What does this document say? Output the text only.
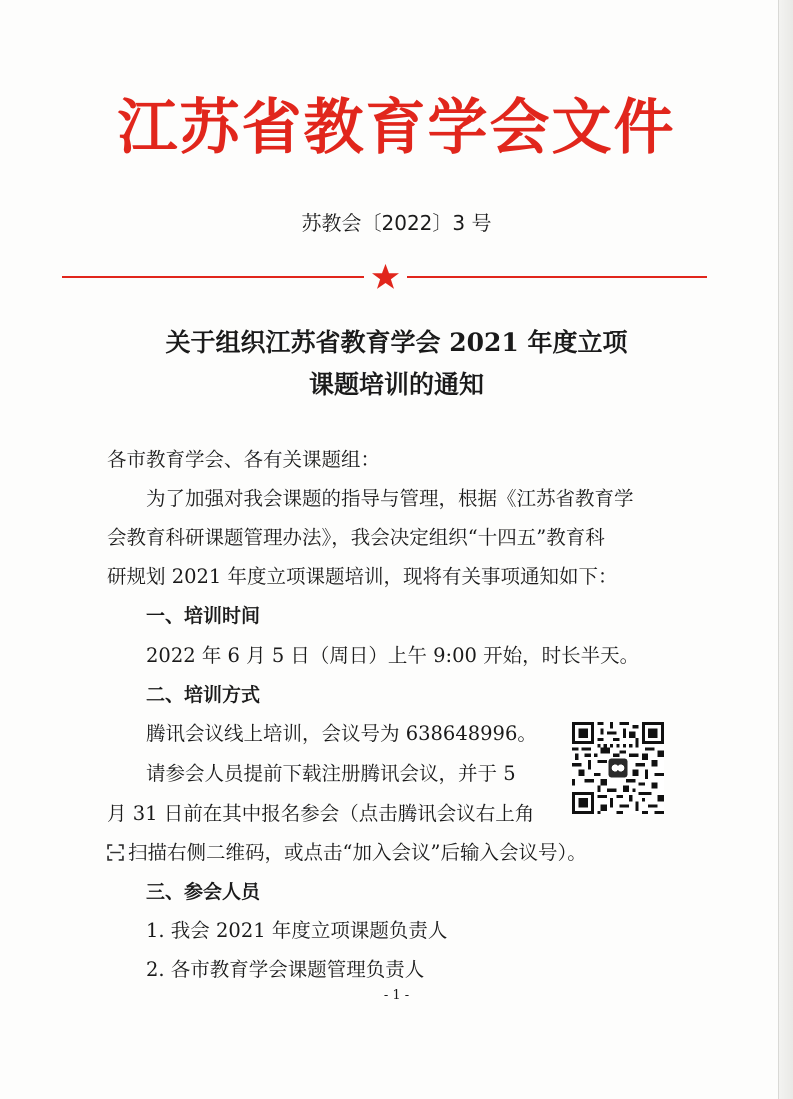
江苏省教育学会文件
苏教会〔2022〕3 号
关于组织江苏省教育学会 2021 年度立项
课题培训的通知
各市教育学会、各有关课题组：
为了加强对我会课题的指导与管理，根据《江苏省教育学
会教育科研课题管理办法》，我会决定组织“十四五”教育科
研规划 2021 年度立项课题培训，现将有关事项通知如下：
一、培训时间
2022 年 6 月 5 日（周日）上午 9:00 开始，时长半天。
二、培训方式
腾讯会议线上培训，会议号为 638648996。
请参会人员提前下载注册腾讯会议，并于 5
月 31 日前在其中报名参会（点击腾讯会议右上角
扫描右侧二维码，或点击“加入会议”后输入会议号）。
三、参会人员
1. 我会 2021 年度立项课题负责人
2. 各市教育学会课题管理负责人
- 1 -
